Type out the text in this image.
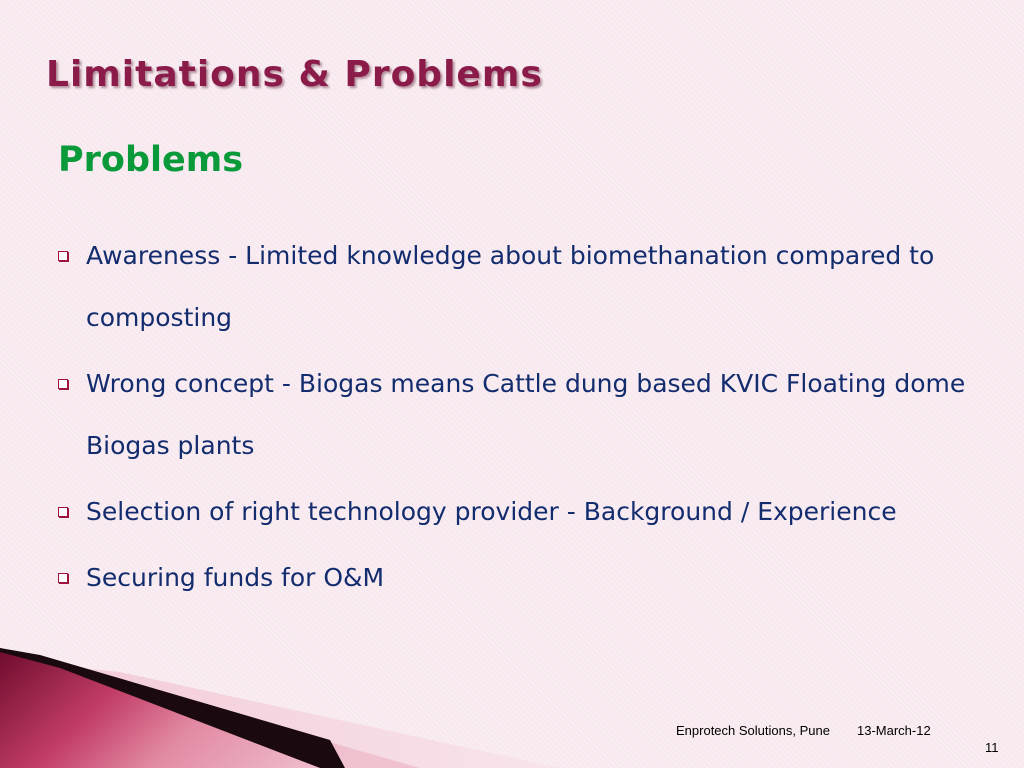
Limitations & Problems
Problems
Awareness - Limited knowledge about biomethanation compared to composting
Wrong concept - Biogas means Cattle dung based KVIC Floating dome Biogas plants
Selection of right technology provider - Background / Experience
Securing funds for O&M
Enprotech Solutions, Pune 13-March-12
11
